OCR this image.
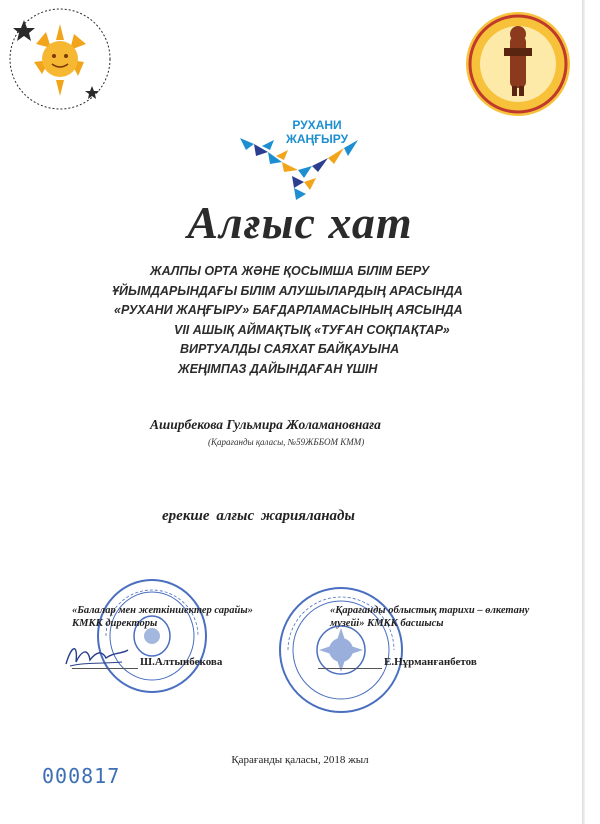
РУХАНИ
ЖАҢҒЫРУ
Алғыс хат
ЖАЛПЫ ОРТА ЖӘНЕ ҚОСЫМША БІЛІМ БЕРУ
ҰЙЫМДАРЫНДАҒЫ БІЛІМ АЛУШЫЛАРДЫҢ АРАСЫНДА
«РУХАНИ ЖАҢҒЫРУ» БАҒДАРЛАМАСЫНЫҢ АЯСЫНДА
VII АШЫҚ АЙМАҚТЫҚ «ТУҒАН СОҚПАҚТАР»
ВИРТУАЛДЫ САЯХАТ БАЙҚАУЫНА
ЖЕҢІМПАЗ ДАЙЫНДАҒАН ҮШІН
Аширбекова Гульмира Жоламановнаға
(Қарағанды қаласы, №59ЖББОМ КММ)
ерекше алғыс жарияланады
«Балалар мен жеткіншектер сарайы»
КМКК директоры
«Қарағанды облыстық тарихи – өлкетану
музейі» КМКК басшысы
Ш.Алтынбекова	Е.Нұрманғанбетов
Қарағанды қаласы, 2018 жыл
000817
